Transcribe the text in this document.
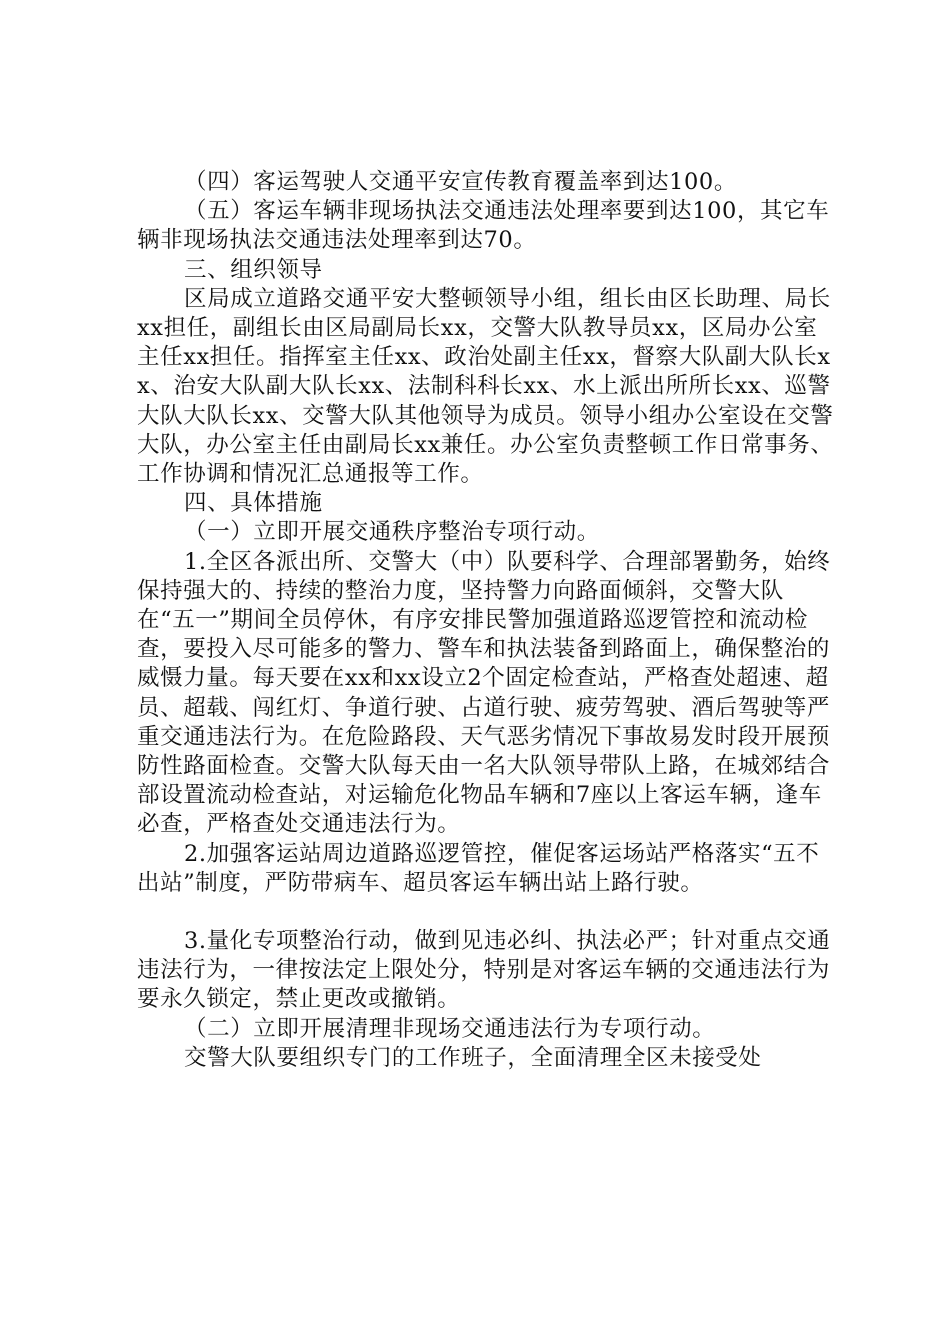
（四）客运驾驶人交通平安宣传教育覆盖率到达100。

（五）客运车辆非现场执法交通违法处理率要到达100，其它车辆非现场执法交通违法处理率到达70。

三、组织领导

区局成立道路交通平安大整顿领导小组，组长由区长助理、局长xx担任，副组长由区局副局长xx，交警大队教导员xx，区局办公室主任xx担任。指挥室主任xx、政治处副主任xx，督察大队副大队长xx、治安大队副大队长xx、法制科科长xx、水上派出所所长xx、巡警大队大队长xx、交警大队其他领导为成员。领导小组办公室设在交警大队，办公室主任由副局长xx兼任。办公室负责整顿工作日常事务、工作协调和情况汇总通报等工作。

四、具体措施

（一）立即开展交通秩序整治专项行动。

1.全区各派出所、交警大（中）队要科学、合理部署勤务，始终保持强大的、持续的整治力度，坚持警力向路面倾斜，交警大队在“五一”期间全员停休，有序安排民警加强道路巡逻管控和流动检查，要投入尽可能多的警力、警车和执法装备到路面上，确保整治的威慑力量。每天要在xx和xx设立2个固定检查站，严格查处超速、超员、超载、闯红灯、争道行驶、占道行驶、疲劳驾驶、酒后驾驶等严重交通违法行为。在危险路段、天气恶劣情况下事故易发时段开展预防性路面检查。交警大队每天由一名大队领导带队上路，在城郊结合部设置流动检查站，对运输危化物品车辆和7座以上客运车辆，逢车必查，严格查处交通违法行为。

2.加强客运站周边道路巡逻管控，催促客运场站严格落实“五不出站”制度，严防带病车、超员客运车辆出站上路行驶。

3.量化专项整治行动，做到见违必纠、执法必严；针对重点交通违法行为，一律按法定上限处分，特别是对客运车辆的交通违法行为要永久锁定，禁止更改或撤销。

（二）立即开展清理非现场交通违法行为专项行动。

交警大队要组织专门的工作班子，全面清理全区未接受处
